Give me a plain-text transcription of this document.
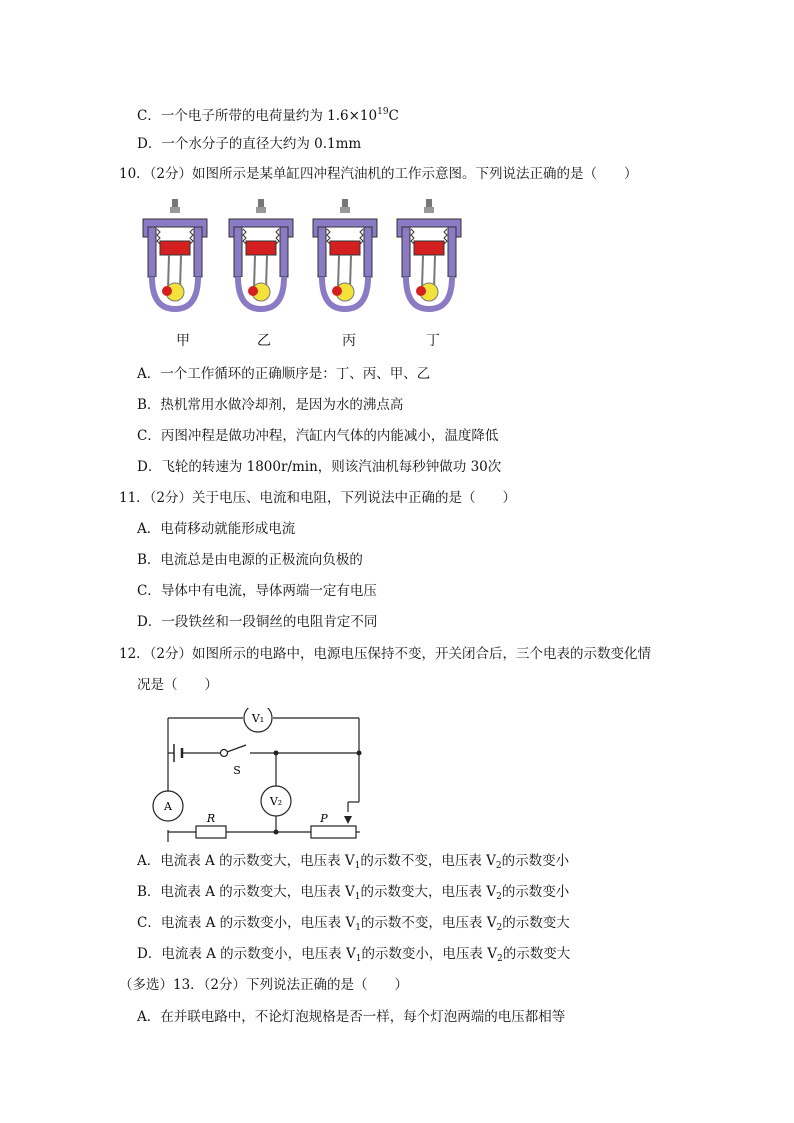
C．一个电子所带的电荷量约为 $1.6\times 10^{19}C$
D．一个水分子的直径大约为 0.1mm
10．（2分）如图所示是某单缸四冲程汽油机的工作示意图。下列说法正确的是（　　）
甲	乙	丙	丁
A．一个工作循环的正确顺序是：丁、丙、甲、乙
B．热机常用水做冷却剂，是因为水的沸点高
C．丙图冲程是做功冲程，汽缸内气体的内能减小，温度降低
D．飞轮的转速为 1800r/min，则该汽油机每秒钟做功 30次
11．（2分）关于电压、电流和电阻，下列说法中正确的是（　　）
A．电荷移动就能形成电流
B．电流总是由电源的正极流向负极的
C．导体中有电流，导体两端一定有电压
D．一段铁丝和一段铜丝的电阻肯定不同
12．（2分）如图所示的电路中，电源电压保持不变，开关闭合后，三个电表的示数变化情
况是（　　）
V₁
A	V₂
S
R	P
A．电流表 A 的示数变大，电压表 $V_1$的示数不变，电压表 $V_2$的示数变小
B．电流表 A 的示数变大，电压表 $V_1$的示数变大，电压表 $V_2$的示数变小
C．电流表 A 的示数变小，电压表 $V_1$的示数不变，电压表 $V_2$的示数变大
D．电流表 A 的示数变小，电压表 $V_1$的示数变小，电压表 $V_2$的示数变大
（多选）13．（2分）下列说法正确的是（　　）
A．在并联电路中，不论灯泡规格是否一样，每个灯泡两端的电压都相等
